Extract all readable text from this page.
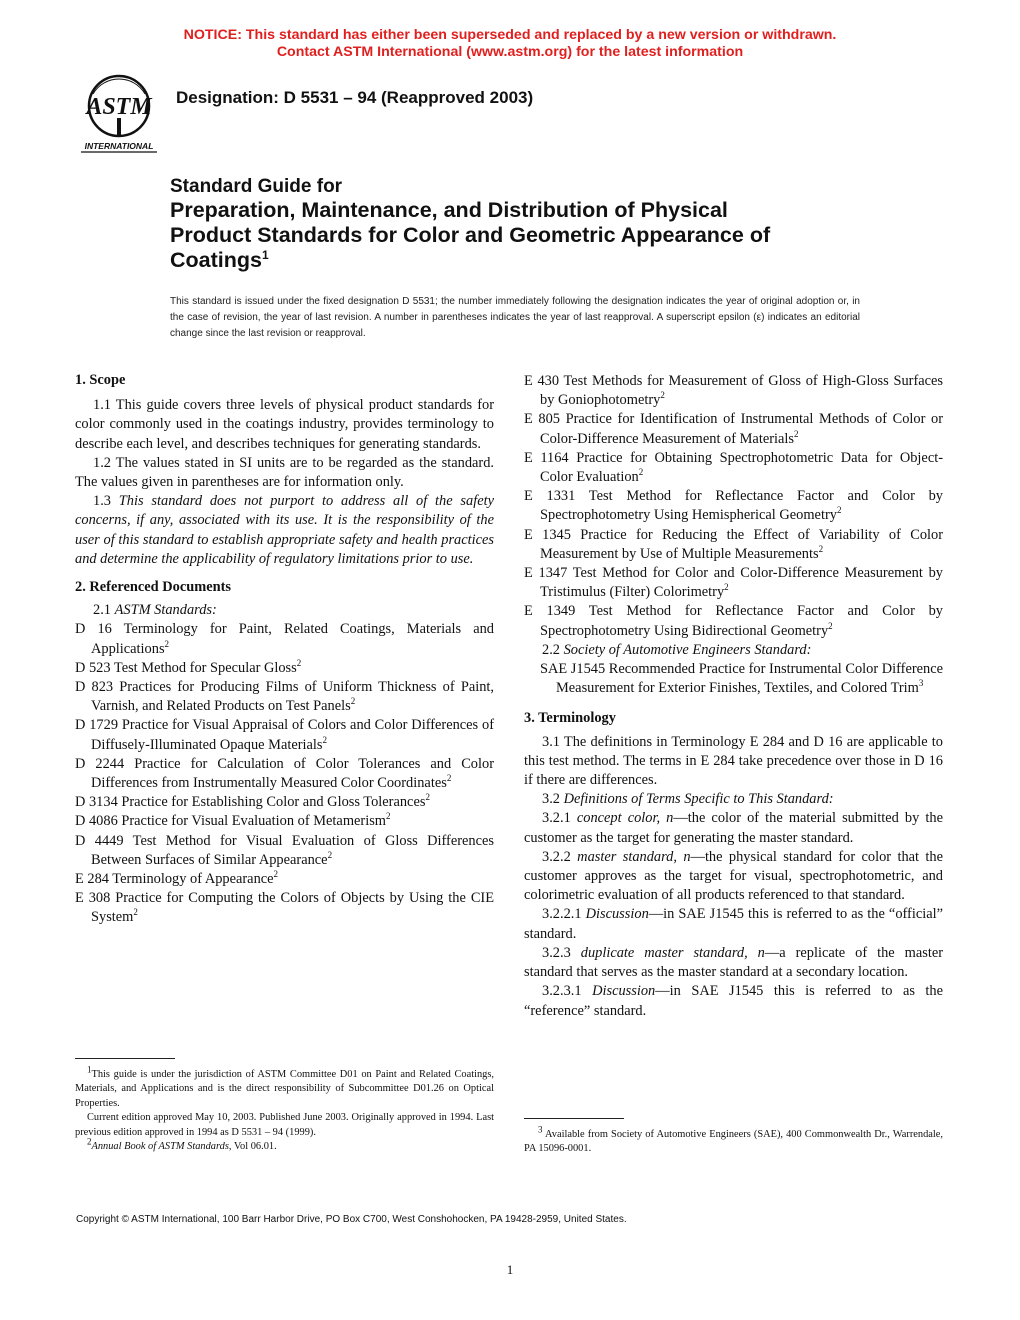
NOTICE: This standard has either been superseded and replaced by a new version or withdrawn.
Contact ASTM International (www.astm.org) for the latest information
ASTM
INTERNATIONAL
Designation: D 5531 – 94 (Reapproved 2003)
Standard Guide for
Preparation, Maintenance, and Distribution of Physical
Product Standards for Color and Geometric Appearance of
Coatings$^1$
This standard is issued under the fixed designation D 5531; the number immediately following the designation indicates the year of original adoption or, in the case of revision, the year of last revision. A number in parentheses indicates the year of last reapproval. A superscript epsilon (ε) indicates an editorial change since the last revision or reapproval.

1. Scope

1.1 This guide covers three levels of physical product standards for color commonly used in the coatings industry, provides terminology to describe each level, and describes techniques for generating standards.

1.2 The values stated in SI units are to be regarded as the standard. The values given in parentheses are for information only.

1.3 This standard does not purport to address all of the safety concerns, if any, associated with its use. It is the responsibility of the user of this standard to establish appropriate safety and health practices and determine the applicability of regulatory limitations prior to use.

2. Referenced Documents

2.1 ASTM Standards:

D 16 Terminology for Paint, Related Coatings, Materials and Applications$^2$

D 523 Test Method for Specular Gloss$^2$

D 823 Practices for Producing Films of Uniform Thickness of Paint, Varnish, and Related Products on Test Panels$^2$

D 1729 Practice for Visual Appraisal of Colors and Color Differences of Diffusely-Illuminated Opaque Materials$^2$

D 2244 Practice for Calculation of Color Tolerances and Color Differences from Instrumentally Measured Color Coordinates$^2$

D 3134 Practice for Establishing Color and Gloss Tolerances$^2$

D 4086 Practice for Visual Evaluation of Metamerism$^2$

D 4449 Test Method for Visual Evaluation of Gloss Differences Between Surfaces of Similar Appearance$^2$

E 284 Terminology of Appearance$^2$

E 308 Practice for Computing the Colors of Objects by Using the CIE System$^2$

$^1$This guide is under the jurisdiction of ASTM Committee D01 on Paint and Related Coatings, Materials, and Applications and is the direct responsibility of Subcommittee D01.26 on Optical Properties.

Current edition approved May 10, 2003. Published June 2003. Originally approved in 1994. Last previous edition approved in 1994 as D 5531 – 94 (1999).

$^2$Annual Book of ASTM Standards, Vol 06.01.

E 430 Test Methods for Measurement of Gloss of High-Gloss Surfaces by Goniophotometry$^2$

E 805 Practice for Identification of Instrumental Methods of Color or Color-Difference Measurement of Materials$^2$

E 1164 Practice for Obtaining Spectrophotometric Data for Object-Color Evaluation$^2$

E 1331 Test Method for Reflectance Factor and Color by Spectrophotometry Using Hemispherical Geometry$^2$

E 1345 Practice for Reducing the Effect of Variability of Color Measurement by Use of Multiple Measurements$^2$

E 1347 Test Method for Color and Color-Difference Measurement by Tristimulus (Filter) Colorimetry$^2$

E 1349 Test Method for Reflectance Factor and Color by Spectrophotometry Using Bidirectional Geometry$^2$

2.2 Society of Automotive Engineers Standard:

SAE J1545 Recommended Practice for Instrumental Color Difference Measurement for Exterior Finishes, Textiles, and Colored Trim$^3$

3. Terminology

3.1 The definitions in Terminology E 284 and D 16 are applicable to this test method. The terms in E 284 take precedence over those in D 16 if there are differences.

3.2 Definitions of Terms Specific to This Standard:

3.2.1 concept color, n—the color of the material submitted by the customer as the target for generating the master standard.

3.2.2 master standard, n—the physical standard for color that the customer approves as the target for visual, spectrophotometric, and colorimetric evaluation of all products referenced to that standard.

3.2.2.1 Discussion—in SAE J1545 this is referred to as the “official” standard.

3.2.3 duplicate master standard, n—a replicate of the master standard that serves as the master standard at a secondary location.

3.2.3.1 Discussion—in SAE J1545 this is referred to as the “reference” standard.

$^3$ Available from Society of Automotive Engineers (SAE), 400 Commonwealth Dr., Warrendale, PA 15096-0001.

Copyright © ASTM International, 100 Barr Harbor Drive, PO Box C700, West Conshohocken, PA 19428-2959, United States.
1
